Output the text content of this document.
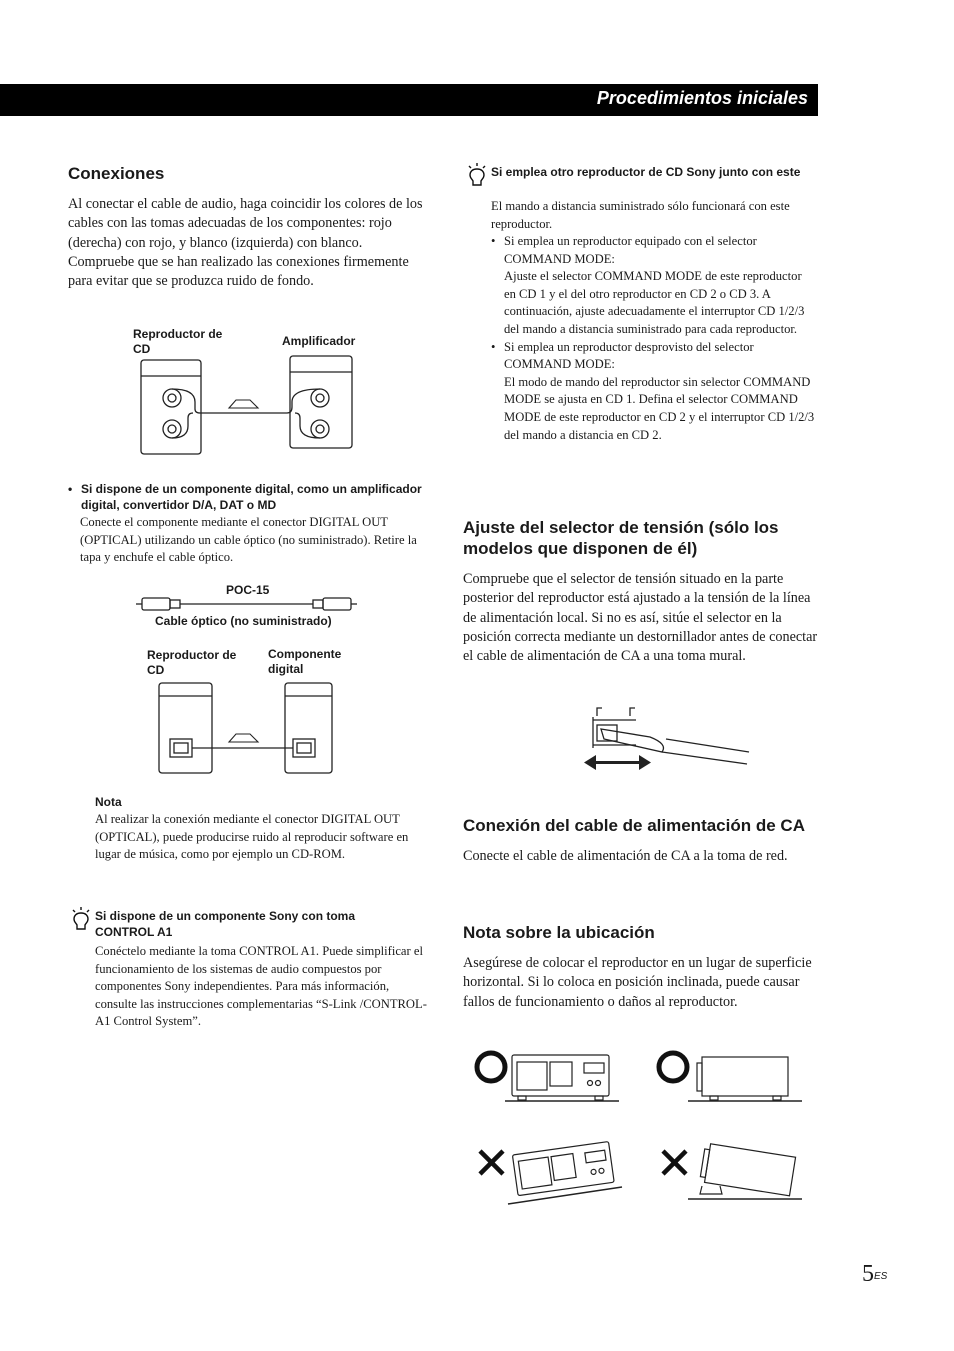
Procedimientos iniciales
Conexiones
Al conectar el cable de audio, haga coincidir los colores de los cables con las tomas adecuadas de los componentes: rojo (derecha) con rojo, y blanco (izquierda) con blanco. Compruebe que se han realizado las conexiones firmemente para evitar que se produzca ruido de fondo.
Reproductor de CD
Amplificador
• Si dispone de un componente digital, como un amplificador digital, convertidor D/A, DAT o MD
Conecte el componente mediante el conector DIGITAL OUT (OPTICAL) utilizando un cable óptico (no suministrado). Retire la tapa y enchufe el cable óptico.
POC-15
Cable óptico (no suministrado)
Reproductor de CD
Componente digital
Nota
Al realizar la conexión mediante el conector DIGITAL OUT (OPTICAL), puede producirse ruido al reproducir software en lugar de música, como por ejemplo un CD-ROM.
Si dispone de un componente Sony con toma CONTROL A1
Conéctelo mediante la toma CONTROL A1. Puede simplificar el funcionamiento de los sistemas de audio compuestos por componentes Sony independientes. Para más información, consulte las instrucciones complementarias “S-Link /CONTROL-A1 Control System”.
Si emplea otro reproductor de CD Sony junto con este
El mando a distancia suministrado sólo funcionará con este reproductor.
• Si emplea un reproductor equipado con el selector COMMAND MODE:
Ajuste el selector COMMAND MODE de este reproductor en CD 1 y el del otro reproductor en CD 2 o CD 3. A continuación, ajuste adecuadamente el interruptor CD 1/2/3 del mando a distancia suministrado para cada reproductor.
• Si emplea un reproductor desprovisto del selector COMMAND MODE:
El modo de mando del reproductor sin selector COMMAND MODE se ajusta en CD 1. Defina el selector COMMAND MODE de este reproductor en CD 2 y el interruptor CD 1/2/3 del mando a distancia en CD 2.
Ajuste del selector de tensión (sólo los modelos que disponen de él)
Compruebe que el selector de tensión situado en la parte posterior del reproductor está ajustado a la tensión de la línea de alimentación local. Si no es así, sitúe el selector en la posición correcta mediante un destornillador antes de conectar el cable de alimentación de CA a una toma mural.
Conexión del cable de alimentación de CA
Conecte el cable de alimentación de CA a la toma de red.
Nota sobre la ubicación
Asegúrese de colocar el reproductor en un lugar de superficie horizontal. Si lo coloca en posición inclinada, puede causar fallos de funcionamiento o daños al reproductor.
$5^{ES}$
